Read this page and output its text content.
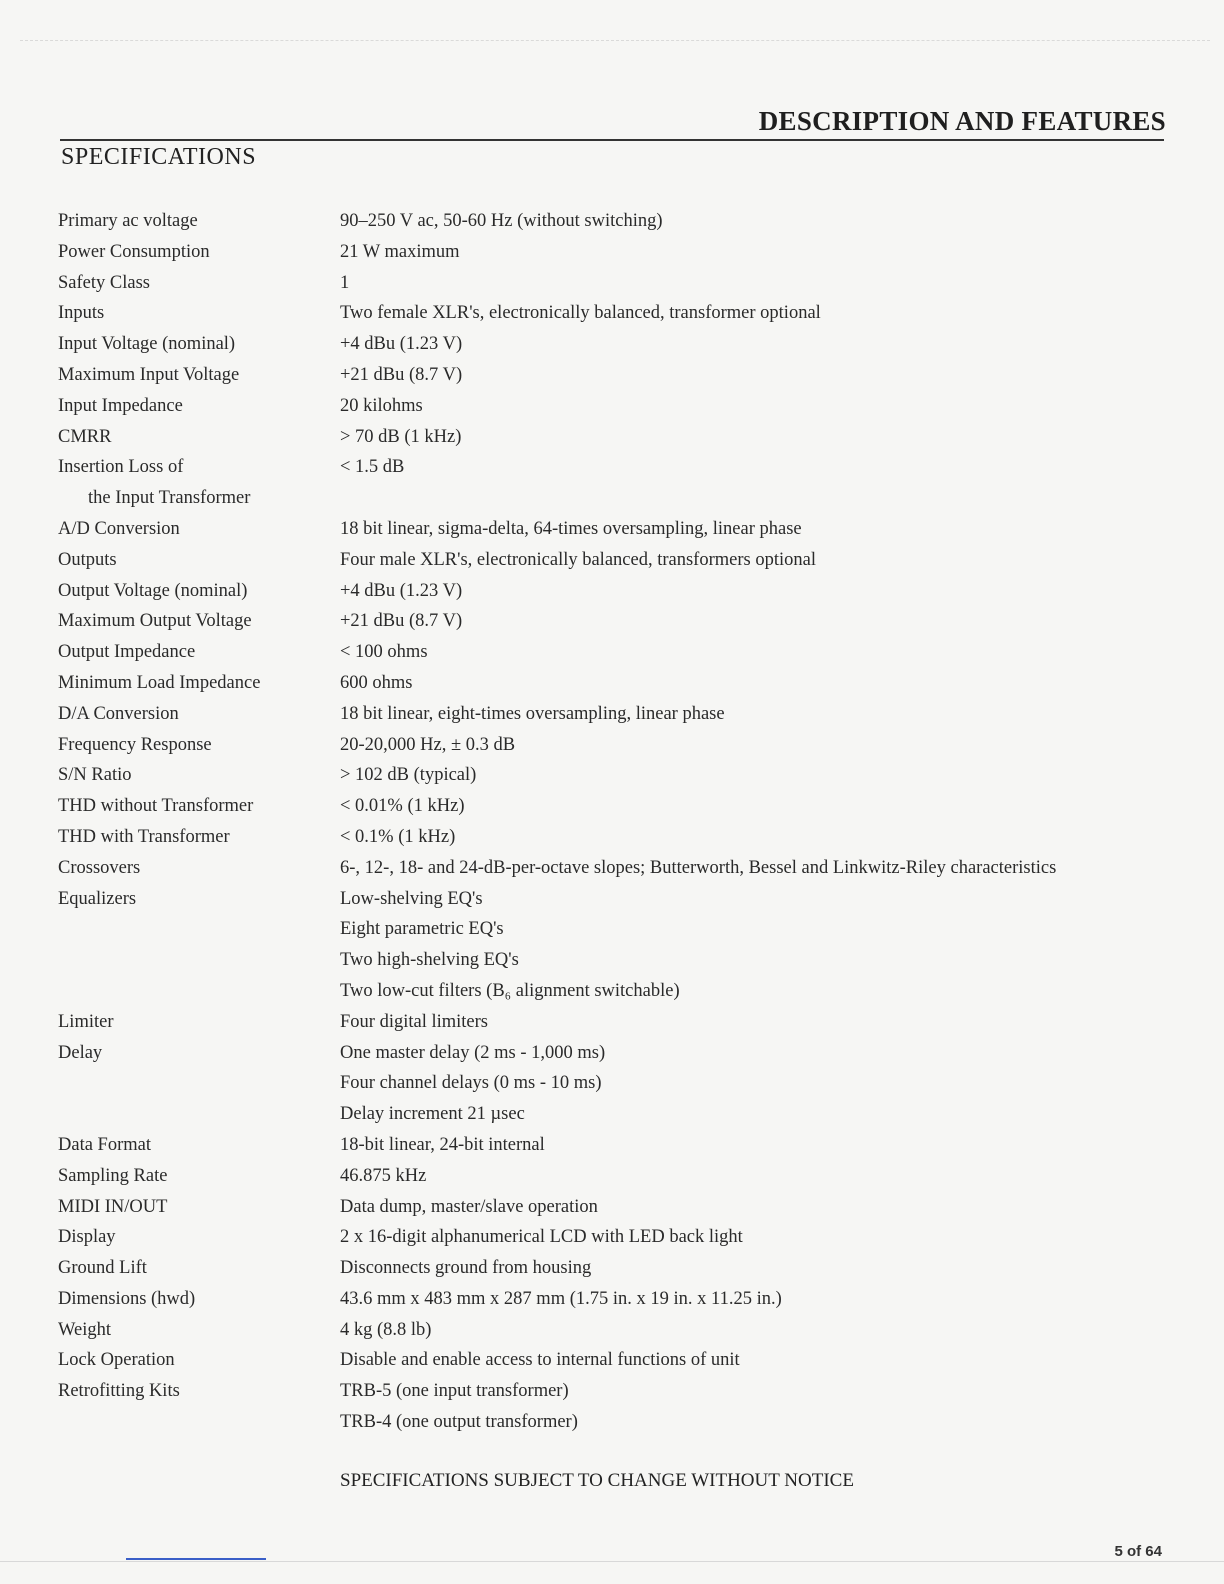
DESCRIPTION AND FEATURES
SPECIFICATIONS
Primary ac voltage	90–250 V ac, 50-60 Hz (without switching)
Power Consumption	21 W maximum
Safety Class	1
Inputs	Two female XLR's, electronically balanced, transformer optional
Input Voltage (nominal)	+4 dBu (1.23 V)
Maximum Input Voltage	+21 dBu (8.7 V)
Input Impedance	20 kilohms
CMRR	> 70 dB (1 kHz)
Insertion Loss of	< 1.5 dB
the Input Transformer
A/D Conversion	18 bit linear, sigma-delta, 64-times oversampling, linear phase
Outputs	Four male XLR's, electronically balanced, transformers optional
Output Voltage (nominal)	+4 dBu (1.23 V)
Maximum Output Voltage	+21 dBu (8.7 V)
Output Impedance	< 100 ohms
Minimum Load Impedance	600 ohms
D/A Conversion	18 bit linear, eight-times oversampling, linear phase
Frequency Response	20-20,000 Hz, ± 0.3 dB
S/N Ratio	> 102 dB (typical)
THD without Transformer	< 0.01% (1 kHz)
THD with Transformer	< 0.1% (1 kHz)
Crossovers	6-, 12-, 18- and 24-dB-per-octave slopes; Butterworth, Bessel and Linkwitz-Riley characteristics
Equalizers	Low-shelving EQ's
Eight parametric EQ's
Two high-shelving EQ's
Two low-cut filters (B₆ alignment switchable)
Limiter	Four digital limiters
Delay	One master delay (2 ms - 1,000 ms)
Four channel delays (0 ms - 10 ms)
Delay increment 21 µsec
Data Format	18-bit linear, 24-bit internal
Sampling Rate	46.875 kHz
MIDI IN/OUT	Data dump, master/slave operation
Display	2 x 16-digit alphanumerical LCD with LED back light
Ground Lift	Disconnects ground from housing
Dimensions (hwd)	43.6 mm x 483 mm x 287 mm (1.75 in. x 19 in. x 11.25 in.)
Weight	4 kg (8.8 lb)
Lock Operation	Disable and enable access to internal functions of unit
Retrofitting Kits	TRB-5 (one input transformer)
TRB-4 (one output transformer)
SPECIFICATIONS SUBJECT TO CHANGE WITHOUT NOTICE
5 of 64
